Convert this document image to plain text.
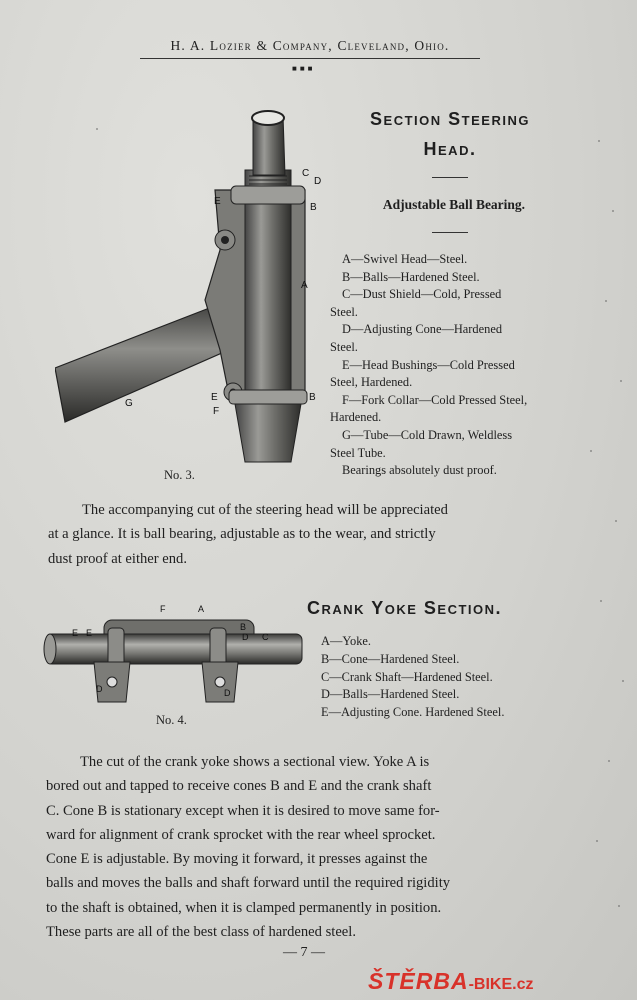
H. A. Lozier & Company, Cleveland, Ohio.
■■■
Section Steering
Head.
Adjustable Ball Bearing.
C
D
E
B
A
G
E
F
B
No. 3.
A—Swivel Head—Steel.
B—Balls—Hardened Steel.
C—Dust Shield—Cold, Pressed
Steel.
D—Adjusting Cone—Hardened
Steel.
E—Head Bushings—Cold Pressed
Steel, Hardened.
F—Fork Collar—Cold Pressed Steel,
Hardened.
G—Tube—Cold Drawn, Weldless
Steel Tube.
Bearings absolutely dust proof.
The accompanying cut of the steering head will be appreciated
at a glance. It is ball bearing, adjustable as to the wear, and strictly
dust proof at either end.
F	A
E E
B
D C
D	D
No. 4.
Crank Yoke Section.
A—Yoke.
B—Cone—Hardened Steel.
C—Crank Shaft—Hardened Steel.
D—Balls—Hardened Steel.
E—Adjusting Cone. Hardened Steel.
The cut of the crank yoke shows a sectional view. Yoke A is
bored out and tapped to receive cones B and E and the crank shaft
C. Cone B is stationary except when it is desired to move same for-
ward for alignment of crank sprocket with the rear wheel sprocket.
Cone E is adjustable. By moving it forward, it presses against the
balls and moves the balls and shaft forward until the required rigidity
to the shaft is obtained, when it is clamped permanently in position.
These parts are all of the best class of hardened steel.
— 7 —
ŠTĚRBA-BIKE.cz
